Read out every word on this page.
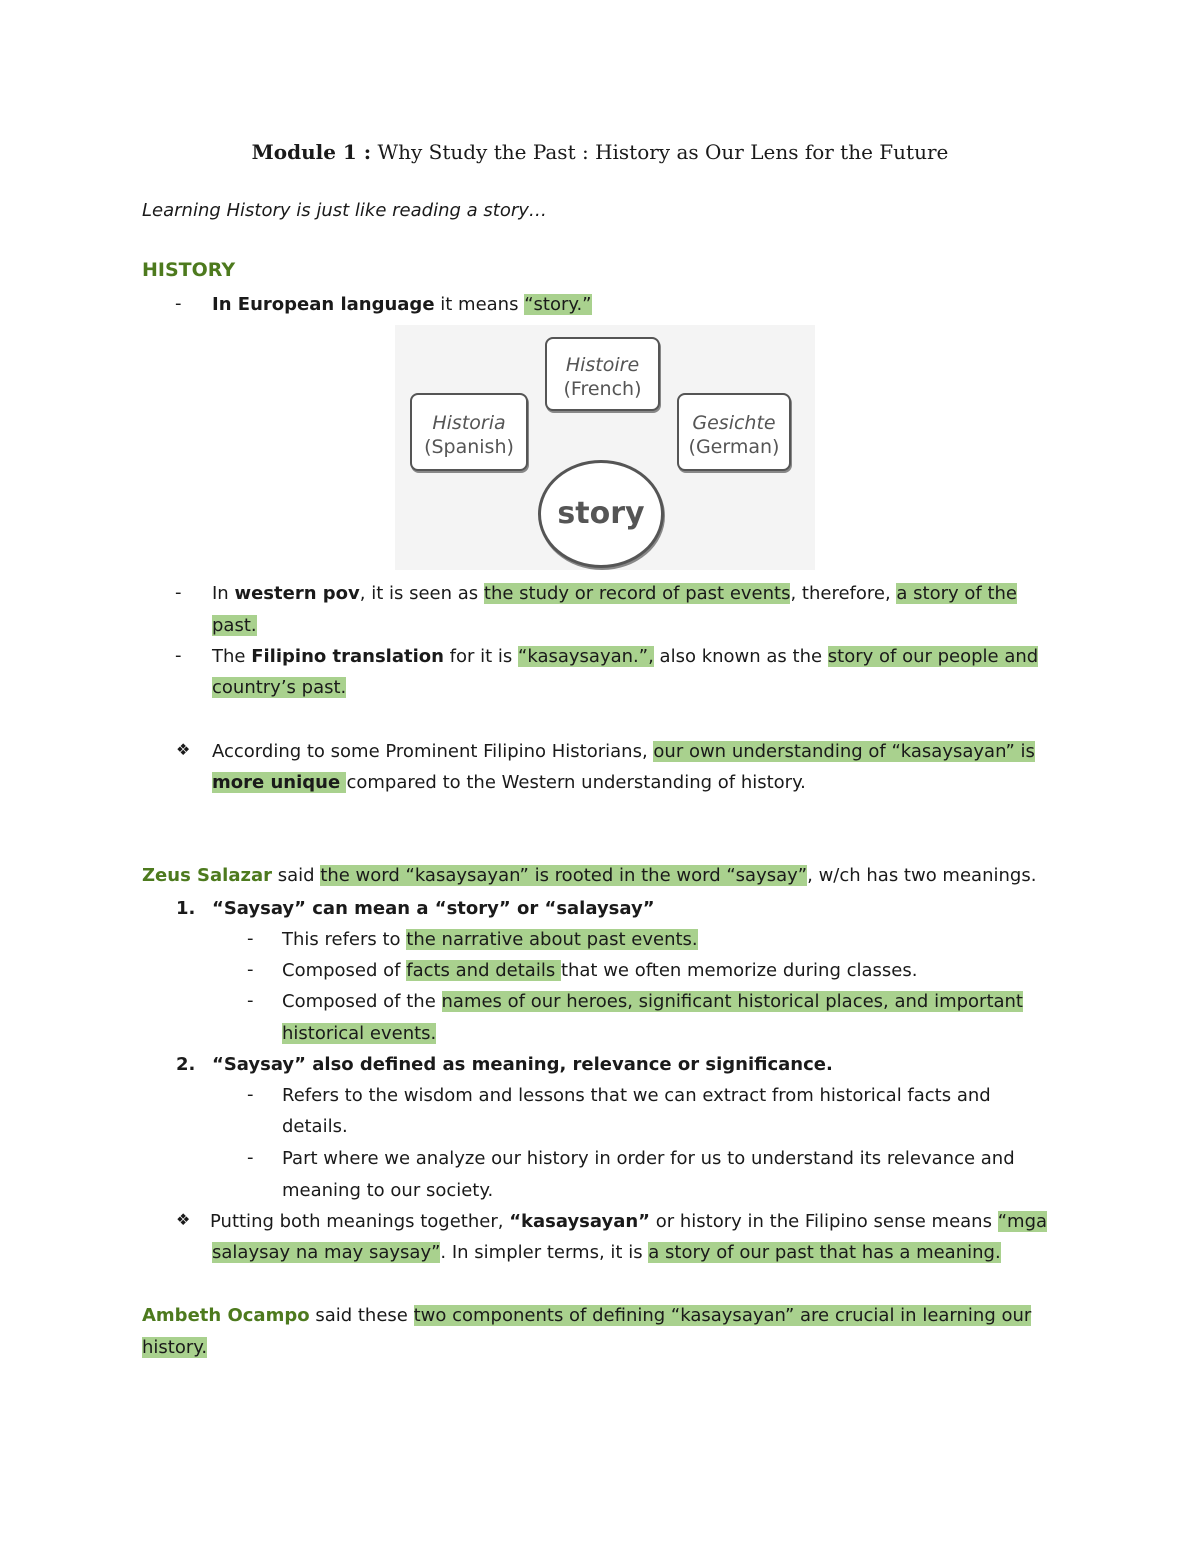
Module 1 : Why Study the Past : History as Our Lens for the Future
Learning History is just like reading a story…
HISTORY
- In European language it means “story.”
Histoire
(French)
Historia
(Spanish)
Gesichte
(German)
story
- In western pov, it is seen as the study or record of past events, therefore, a story of the
past.
- The Filipino translation for it is “kasaysayan.”, also known as the story of our people and
country’s past.
❖ According to some Prominent Filipino Historians, our own understanding of “kasaysayan” is
more unique compared to the Western understanding of history.
Zeus Salazar said the word “kasaysayan” is rooted in the word “saysay”, w/ch has two meanings.
1. “Saysay” can mean a “story” or “salaysay”
- This refers to the narrative about past events.
- Composed of facts and details that we often memorize during classes.
- Composed of the names of our heroes, significant historical places, and important
historical events.
2. “Saysay” also defined as meaning, relevance or significance.
- Refers to the wisdom and lessons that we can extract from historical facts and
details.
- Part where we analyze our history in order for us to understand its relevance and
meaning to our society.
❖ Putting both meanings together, “kasaysayan” or history in the Filipino sense means “mga
salaysay na may saysay”. In simpler terms, it is a story of our past that has a meaning.
Ambeth Ocampo said these two components of defining “kasaysayan” are crucial in learning our
history.
